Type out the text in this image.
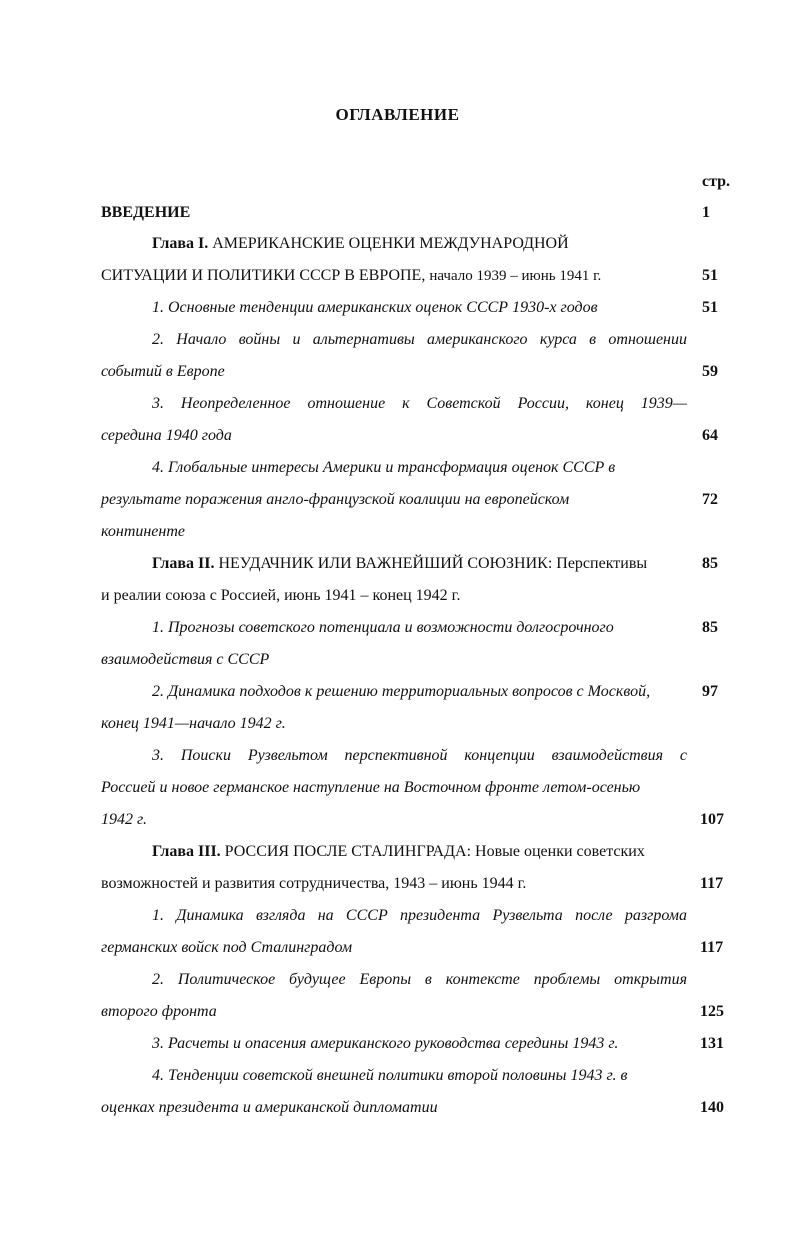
ОГЛАВЛЕНИЕ
стр.
ВВЕДЕНИЕ	1
Глава I. АМЕРИКАНСКИЕ ОЦЕНКИ МЕЖДУНАРОДНОЙ
СИТУАЦИИ И ПОЛИТИКИ СССР В ЕВРОПЕ, начало 1939 – июнь 1941 г.	51
1. Основные тенденции американских оценок СССР 1930-х годов	51
2. Начало войны и альтернативы американского курса в отношении
событий в Европе	59
3. Неопределенное отношение к Советской России, конец 1939—
середина 1940 года	64
4. Глобальные интересы Америки и трансформация оценок СССР в
результате поражения англо-французской коалиции на европейском	72
континенте
Глава II. НЕУДАЧНИК ИЛИ ВАЖНЕЙШИЙ СОЮЗНИК: Перспективы	85
и реалии союза с Россией, июнь 1941 – конец 1942 г.
1. Прогнозы советского потенциала и возможности долгосрочного	85
взаимодействия с СССР
2. Динамика подходов к решению территориальных вопросов с Москвой,	97
конец 1941—начало 1942 г.
3. Поиски Рузвельтом перспективной концепции взаимодействия с
Россией и новое германское наступление на Восточном фронте летом-осенью
1942 г.	107
Глава III. РОССИЯ ПОСЛЕ СТАЛИНГРАДА: Новые оценки советских
возможностей и развития сотрудничества, 1943 – июнь 1944 г.	117
1. Динамика взгляда на СССР президента Рузвельта после разгрома
германских войск под Сталинградом	117
2. Политическое будущее Европы в контексте проблемы открытия
второго фронта	125
3. Расчеты и опасения американского руководства середины 1943 г.	131
4. Тенденции советской внешней политики второй половины 1943 г. в
оценках президента и американской дипломатии	140
